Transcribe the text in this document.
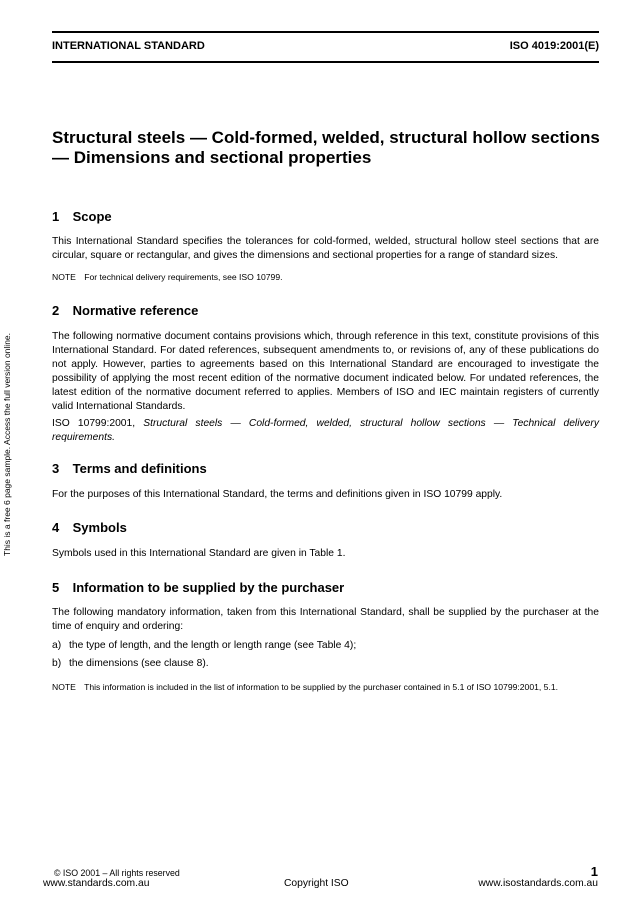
INTERNATIONAL STANDARD	ISO 4019:2001(E)
This is a free 6 page sample. Access the full version online.
Structural steels — Cold-formed, welded, structural hollow sections — Dimensions and sectional properties
1 Scope
This International Standard specifies the tolerances for cold-formed, welded, structural hollow steel sections that are circular, square or rectangular, and gives the dimensions and sectional properties for a range of standard sizes.
NOTE For technical delivery requirements, see ISO 10799.
2 Normative reference
The following normative document contains provisions which, through reference in this text, constitute provisions of this International Standard. For dated references, subsequent amendments to, or revisions of, any of these publications do not apply. However, parties to agreements based on this International Standard are encouraged to investigate the possibility of applying the most recent edition of the normative document indicated below. For undated references, the latest edition of the normative document referred to applies. Members of ISO and IEC maintain registers of currently valid International Standards.
ISO 10799:2001, Structural steels — Cold-formed, welded, structural hollow sections — Technical delivery requirements.
3 Terms and definitions
For the purposes of this International Standard, the terms and definitions given in ISO 10799 apply.
4 Symbols
Symbols used in this International Standard are given in Table 1.
5 Information to be supplied by the purchaser
The following mandatory information, taken from this International Standard, shall be supplied by the purchaser at the time of enquiry and ordering:
a) the type of length, and the length or length range (see Table 4);
b) the dimensions (see clause 8).
NOTE This information is included in the list of information to be supplied by the purchaser contained in 5.1 of ISO 10799:2001, 5.1.
© ISO 2001 – All rights reserved	1
www.standards.com.au	Copyright ISO	www.isostandards.com.au
